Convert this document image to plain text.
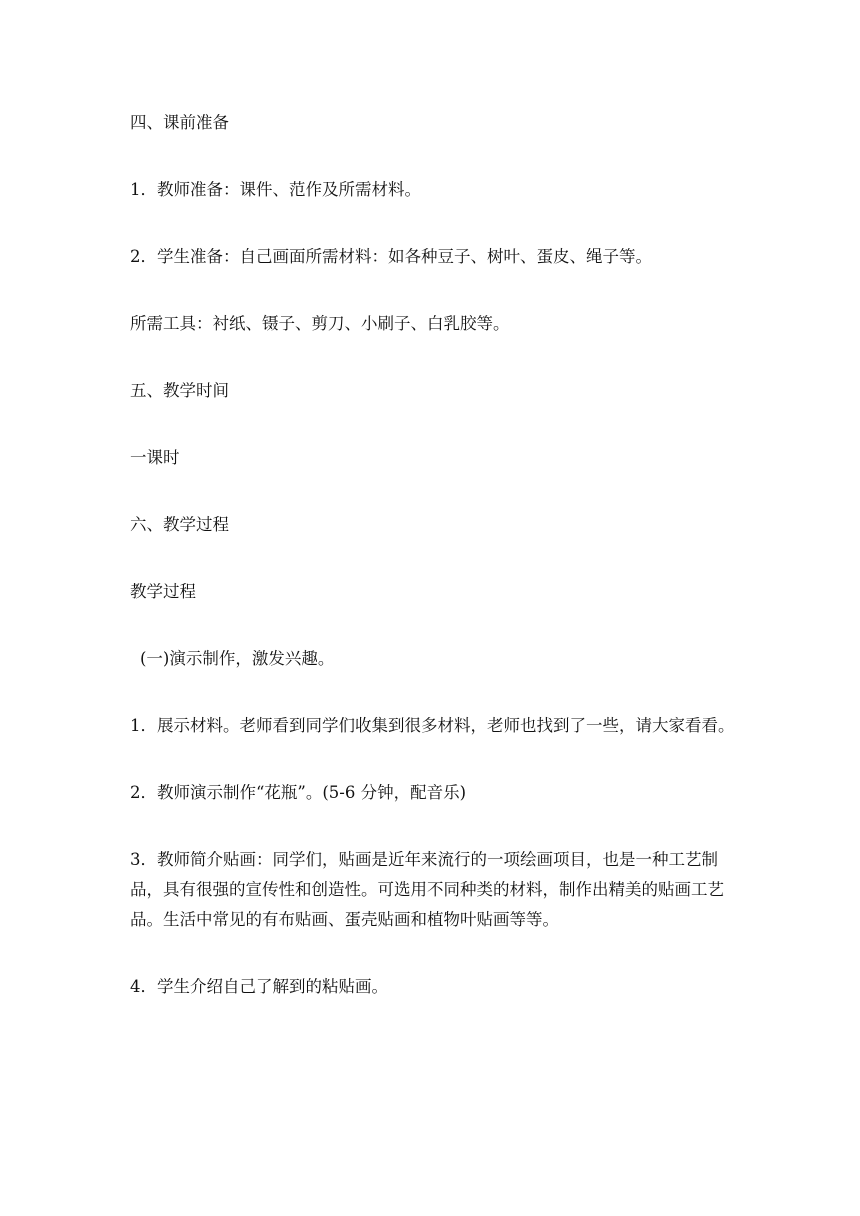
四、课前准备

1．教师准备：课件、范作及所需材料。

2．学生准备：自己画面所需材料：如各种豆子、树叶、蛋皮、绳子等。

所需工具：衬纸、镊子、剪刀、小刷子、白乳胶等。

五、教学时间

一课时

六、教学过程

教学过程

(一)演示制作，激发兴趣。

1．展示材料。老师看到同学们收集到很多材料，老师也找到了一些，请大家看看。

2．教师演示制作“花瓶”。(5-6 分钟，配音乐)

3．教师简介贴画：同学们，贴画是近年来流行的一项绘画项目，也是一种工艺制品，具有很强的宣传性和创造性。可选用不同种类的材料，制作出精美的贴画工艺品。生活中常见的有布贴画、蛋壳贴画和植物叶贴画等等。

4．学生介绍自己了解到的粘贴画。
